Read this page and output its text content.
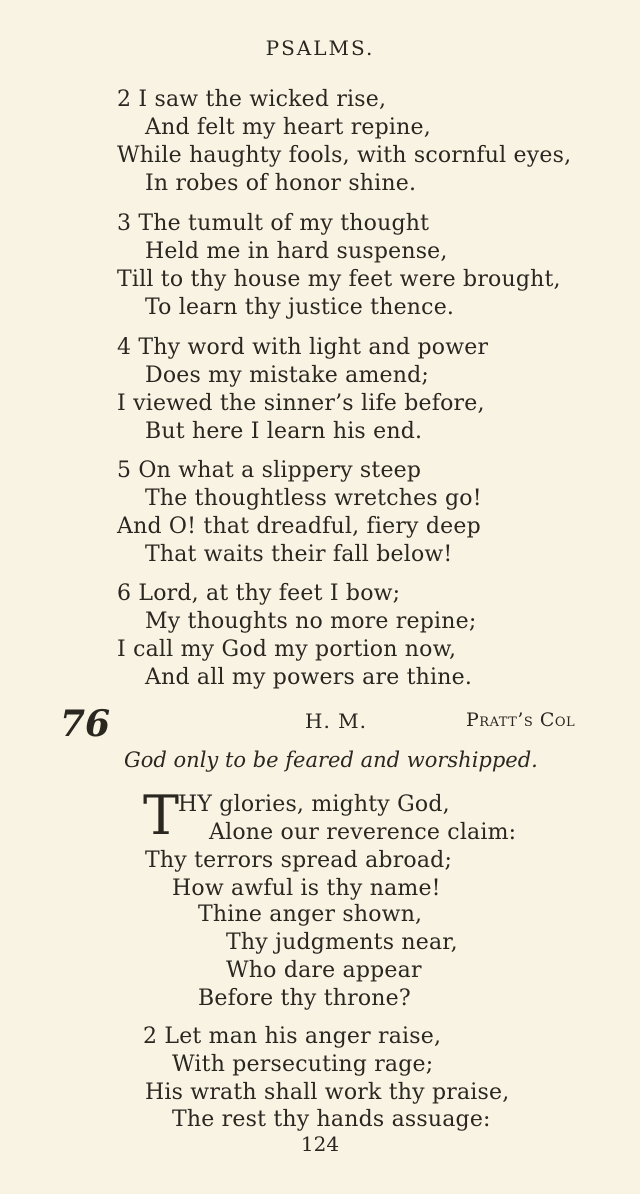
PSALMS.
2 I saw the wicked rise,
And felt my heart repine,
While haughty fools, with scornful eyes,
In robes of honor shine.
3 The tumult of my thought
Held me in hard suspense,
Till to thy house my feet were brought,
To learn thy justice thence.
4 Thy word with light and power
Does my mistake amend;
I viewed the sinner’s life before,
But here I learn his end.
5 On what a slippery steep
The thoughtless wretches go!
And O! that dreadful, fiery deep
That waits their fall below!
6 Lord, at thy feet I bow;
My thoughts no more repine;
I call my God my portion now,
And all my powers are thine.
76	H. M.	Pratt’s Col
God only to be feared and worshipped.
T
HY glories, mighty God,
Alone our reverence claim:
Thy terrors spread abroad;
How awful is thy name!
Thine anger shown,
Thy judgments near,
Who dare appear
Before thy throne?
2 Let man his anger raise,
With persecuting rage;
His wrath shall work thy praise,
The rest thy hands assuage:
124
